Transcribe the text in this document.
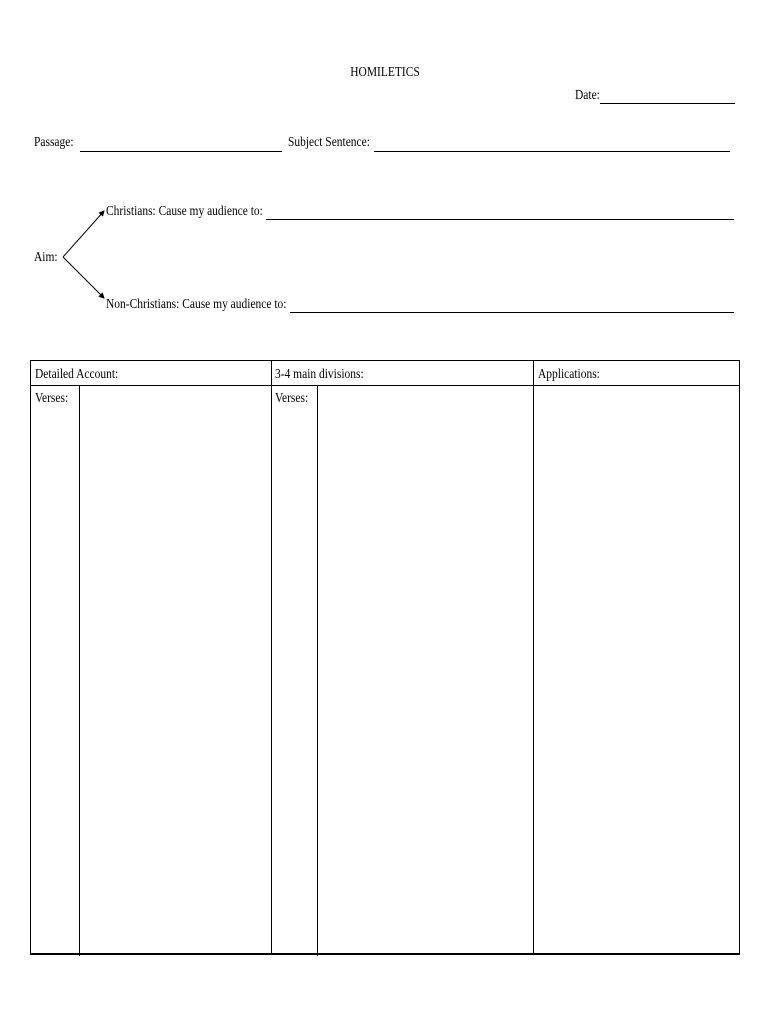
HOMILETICS
Date:
Passage:	Subject Sentence:
Aim:
Christians: Cause my audience to:
Non-Christians: Cause my audience to:
Detailed Account:	3-4 main divisions:	Applications:
Verses:	Verses:
